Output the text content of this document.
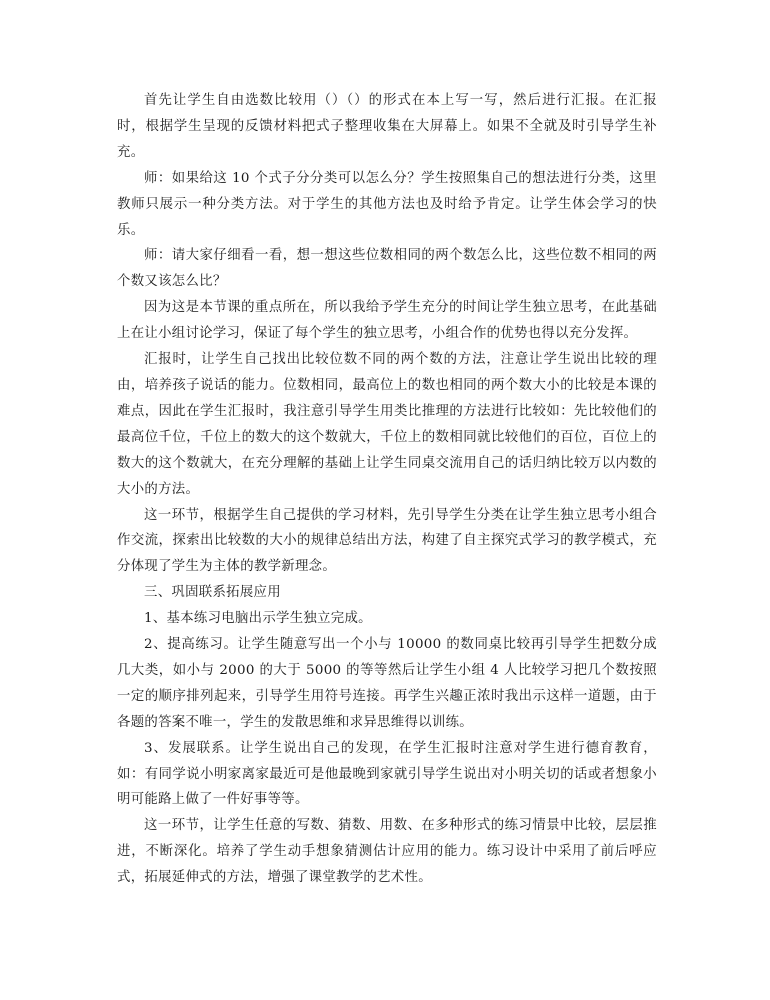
首先让学生自由选数比较用（）（）的形式在本上写一写，然后进行汇报。在汇报时，根据学生呈现的反馈材料把式子整理收集在大屏幕上。如果不全就及时引导学生补充。

师：如果给这 10 个式子分分类可以怎么分？学生按照集自己的想法进行分类，这里教师只展示一种分类方法。对于学生的其他方法也及时给予肯定。让学生体会学习的快乐。

师：请大家仔细看一看，想一想这些位数相同的两个数怎么比，这些位数不相同的两个数又该怎么比？

因为这是本节课的重点所在，所以我给予学生充分的时间让学生独立思考，在此基础上在让小组讨论学习，保证了每个学生的独立思考，小组合作的优势也得以充分发挥。

汇报时，让学生自己找出比较位数不同的两个数的方法，注意让学生说出比较的理由，培养孩子说话的能力。位数相同，最高位上的数也相同的两个数大小的比较是本课的难点，因此在学生汇报时，我注意引导学生用类比推理的方法进行比较如：先比较他们的最高位千位，千位上的数大的这个数就大，千位上的数相同就比较他们的百位，百位上的数大的这个数就大，在充分理解的基础上让学生同桌交流用自己的话归纳比较万以内数的大小的方法。

这一环节，根据学生自己提供的学习材料，先引导学生分类在让学生独立思考小组合作交流，探索出比较数的大小的规律总结出方法，构建了自主探究式学习的教学模式，充分体现了学生为主体的教学新理念。

三、巩固联系拓展应用

1、基本练习电脑出示学生独立完成。

2、提高练习。让学生随意写出一个小与 10000 的数同桌比较再引导学生把数分成几大类，如小与 2000 的大于 5000 的等等然后让学生小组 4 人比较学习把几个数按照一定的顺序排列起来，引导学生用符号连接。再学生兴趣正浓时我出示这样一道题，由于各题的答案不唯一，学生的发散思维和求异思维得以训练。

3、发展联系。让学生说出自己的发现，在学生汇报时注意对学生进行德育教育，如：有同学说小明家离家最近可是他最晚到家就引导学生说出对小明关切的话或者想象小明可能路上做了一件好事等等。

这一环节，让学生任意的写数、猜数、用数、在多种形式的练习情景中比较，层层推进，不断深化。培养了学生动手想象猜测估计应用的能力。练习设计中采用了前后呼应式，拓展延伸式的方法，增强了课堂教学的艺术性。
